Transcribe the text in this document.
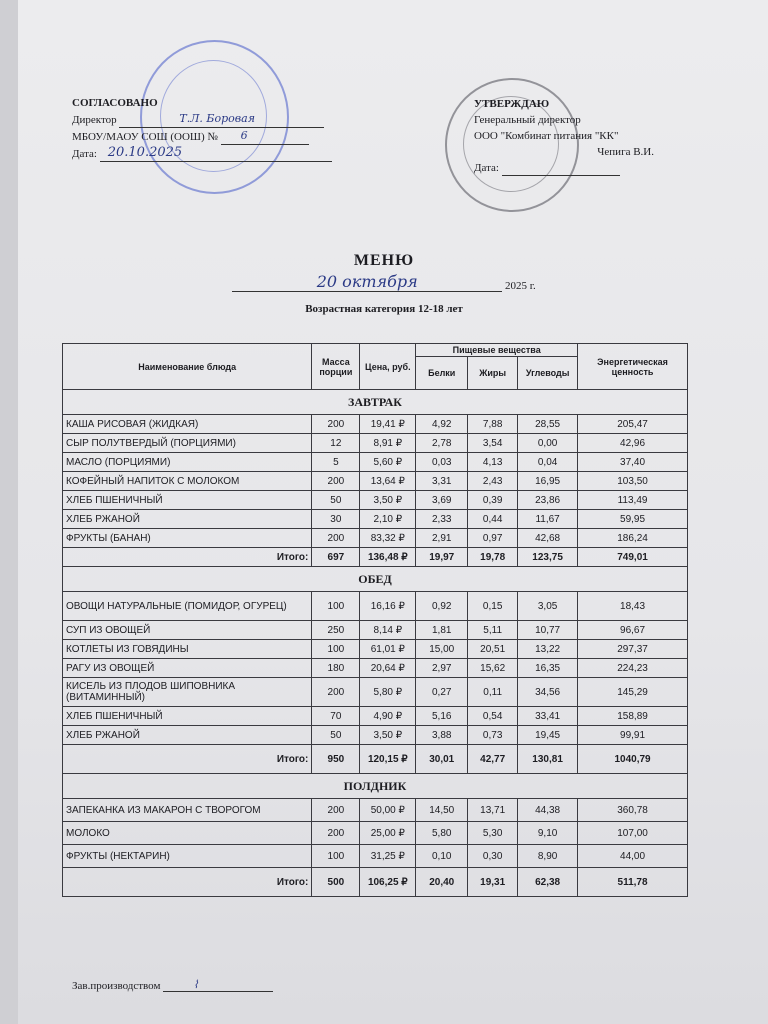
СОГЛАСОВАНО
Директор	Т.Л. Боровая
МБОУ/МАОУ СОШ (ООШ) № 6
Дата: 20.10.2025
УТВЕРЖДАЮ
Генеральный директор
ООО "Комбинат питания "КК"
Чепига В.И.
Дата:
МЕНЮ
20 октября	2025 г.
Возрастная категория 12-18 лет
Наименование блюда	Масса порции	Цена, руб.	Пищевые вещества			Энергетическая ценность
			Белки	Жиры	Углеводы	
ЗАВТРАК						
КАША РИСОВАЯ (ЖИДКАЯ)	200	19,41 ₽	4,92	7,88	28,55	205,47
СЫР ПОЛУТВЕРДЫЙ (ПОРЦИЯМИ)	12	8,91 ₽	2,78	3,54	0,00	42,96
МАСЛО (ПОРЦИЯМИ)	5	5,60 ₽	0,03	4,13	0,04	37,40
КОФЕЙНЫЙ НАПИТОК С МОЛОКОМ	200	13,64 ₽	3,31	2,43	16,95	103,50
ХЛЕБ ПШЕНИЧНЫЙ	50	3,50 ₽	3,69	0,39	23,86	113,49
ХЛЕБ РЖАНОЙ	30	2,10 ₽	2,33	0,44	11,67	59,95
ФРУКТЫ (БАНАН)	200	83,32 ₽	2,91	0,97	42,68	186,24
Итого:	697	136,48 ₽	19,97	19,78	123,75	749,01
ОБЕД						
ОВОЩИ НАТУРАЛЬНЫЕ (ПОМИДОР, ОГУРЕЦ)	100	16,16 ₽	0,92	0,15	3,05	18,43
СУП ИЗ ОВОЩЕЙ	250	8,14 ₽	1,81	5,11	10,77	96,67
КОТЛЕТЫ ИЗ ГОВЯДИНЫ	100	61,01 ₽	15,00	20,51	13,22	297,37
РАГУ ИЗ ОВОЩЕЙ	180	20,64 ₽	2,97	15,62	16,35	224,23
КИСЕЛЬ ИЗ ПЛОДОВ ШИПОВНИКА (ВИТАМИННЫЙ)	200	5,80 ₽	0,27	0,11	34,56	145,29
ХЛЕБ ПШЕНИЧНЫЙ	70	4,90 ₽	5,16	0,54	33,41	158,89
ХЛЕБ РЖАНОЙ	50	3,50 ₽	3,88	0,73	19,45	99,91
Итого:	950	120,15 ₽	30,01	42,77	130,81	1040,79
ПОЛДНИК						
ЗАПЕКАНКА ИЗ МАКАРОН С ТВОРОГОМ	200	50,00 ₽	14,50	13,71	44,38	360,78
МОЛОКО	200	25,00 ₽	5,80	5,30	9,10	107,00
ФРУКТЫ (НЕКТАРИН)	100	31,25 ₽	0,10	0,30	8,90	44,00
Итого:	500	106,25 ₽	20,40	19,31	62,38	511,78
Зав.производством	⌇
